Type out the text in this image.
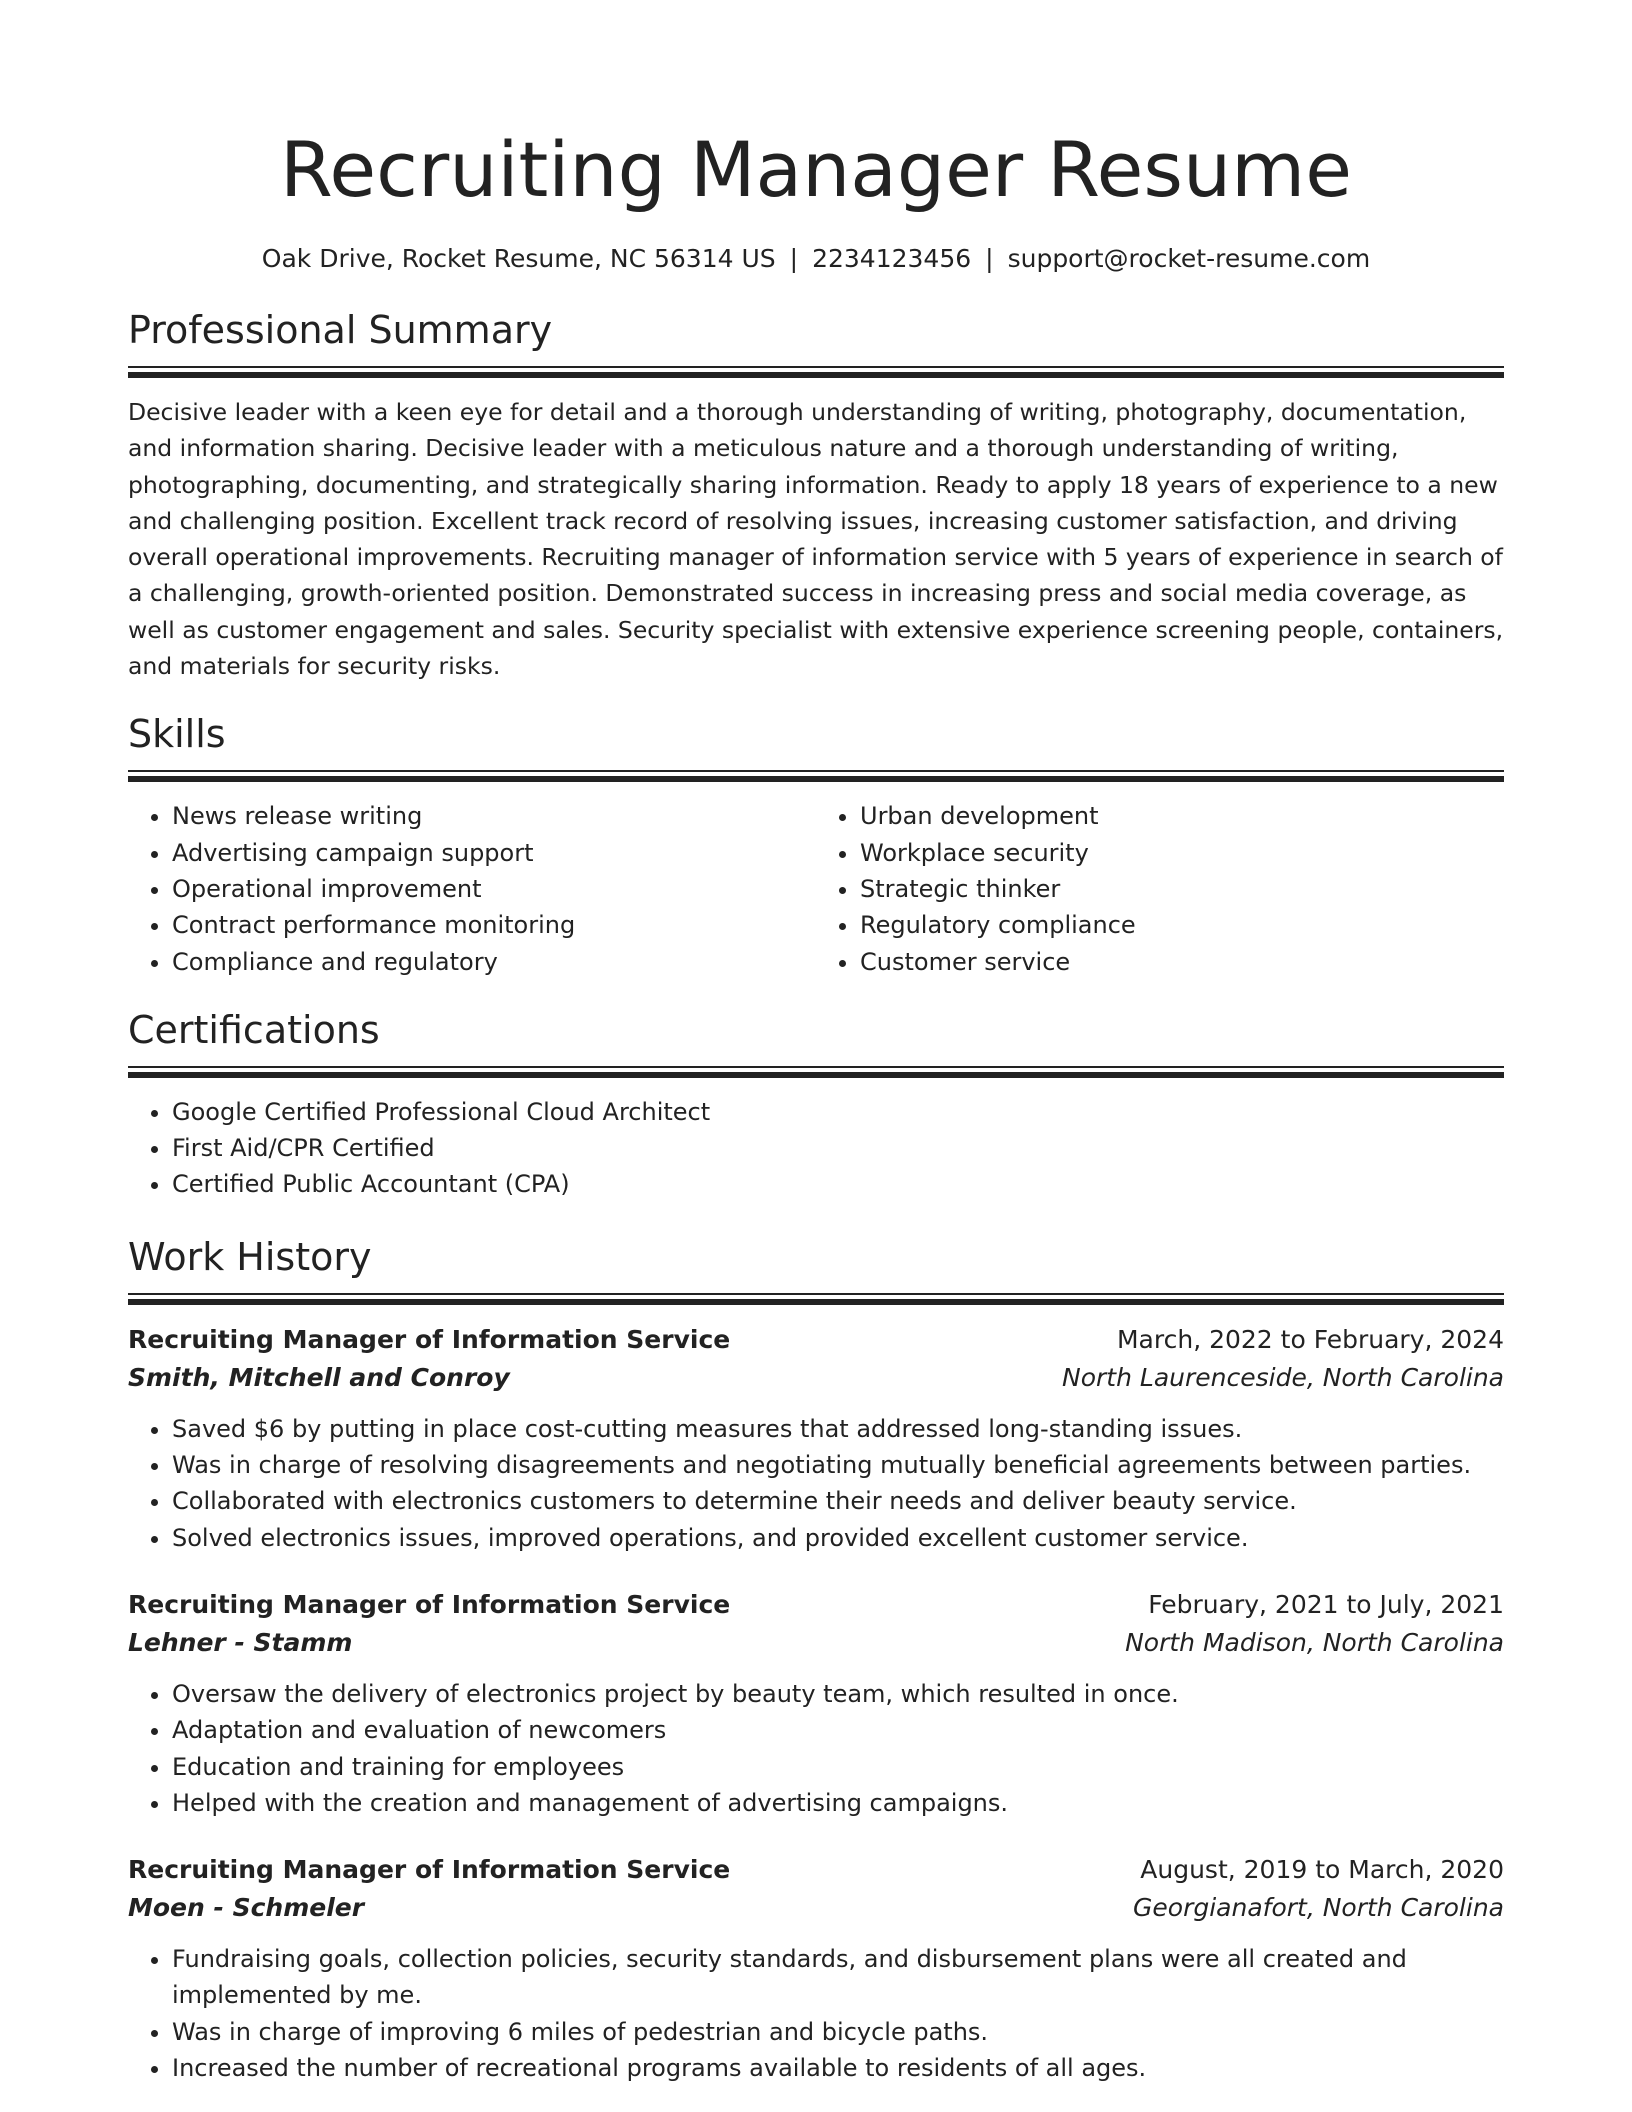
Recruiting Manager Resume
Oak Drive, Rocket Resume, NC 56314 US | 2234123456 | support@rocket-resume.com
Professional Summary

Decisive leader with a keen eye for detail and a thorough understanding of writing, photography, documentation, and information sharing. Decisive leader with a meticulous nature and a thorough understanding of writing, photographing, documenting, and strategically sharing information. Ready to apply 18 years of experience to a new and challenging position. Excellent track record of resolving issues, increasing customer satisfaction, and driving overall operational improvements. Recruiting manager of information service with 5 years of experience in search of a challenging, growth-oriented position. Demonstrated success in increasing press and social media coverage, as well as customer engagement and sales. Security specialist with extensive experience screening people, containers, and materials for security risks.

Skills
• News release writing
• Advertising campaign support
• Operational improvement
• Contract performance monitoring
• Compliance and regulatory
• Urban development
• Workplace security
• Strategic thinker
• Regulatory compliance
• Customer service
Certifications
• Google Certified Professional Cloud Architect
• First Aid/CPR Certified
• Certified Public Accountant (CPA)
Work History
Recruiting Manager of Information Service	March, 2022 to February, 2024
Smith, Mitchell and Conroy	North Laurenceside, North Carolina
• Saved $6 by putting in place cost-cutting measures that addressed long-standing issues.
• Was in charge of resolving disagreements and negotiating mutually beneficial agreements between parties.
• Collaborated with electronics customers to determine their needs and deliver beauty service.
• Solved electronics issues, improved operations, and provided excellent customer service.
Recruiting Manager of Information Service	February, 2021 to July, 2021
Lehner - Stamm	North Madison, North Carolina
• Oversaw the delivery of electronics project by beauty team, which resulted in once.
• Adaptation and evaluation of newcomers
• Education and training for employees
• Helped with the creation and management of advertising campaigns.
Recruiting Manager of Information Service	August, 2019 to March, 2020
Moen - Schmeler	Georgianafort, North Carolina
• Fundraising goals, collection policies, security standards, and disbursement plans were all created and implemented by me.
• Was in charge of improving 6 miles of pedestrian and bicycle paths.
• Increased the number of recreational programs available to residents of all ages.
